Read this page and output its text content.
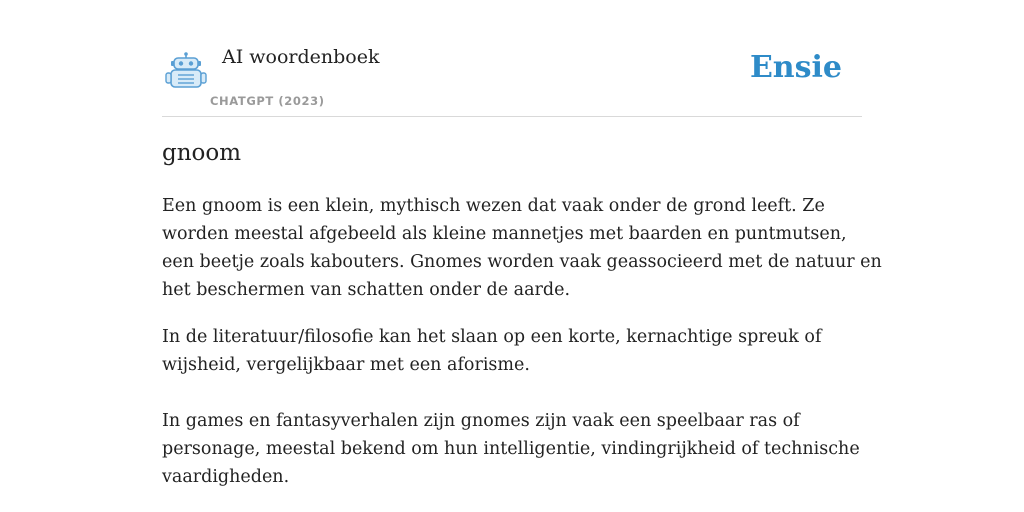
AI woordenboek
CHATGPT (2023)
Ensie
gnoom

Een gnoom is een klein, mythisch wezen dat vaak onder de grond leeft. Ze worden meestal afgebeeld als kleine mannetjes met baarden en puntmutsen, een beetje zoals kabouters. Gnomes worden vaak geassocieerd met de natuur en het beschermen van schatten onder de aarde.

In de literatuur/filosofie kan het slaan op een korte, kernachtige spreuk of wijsheid, vergelijkbaar met een aforisme.

In games en fantasyverhalen zijn gnomes zijn vaak een speelbaar ras of personage, meestal bekend om hun intelligentie, vindingrijkheid of technische vaardigheden.
